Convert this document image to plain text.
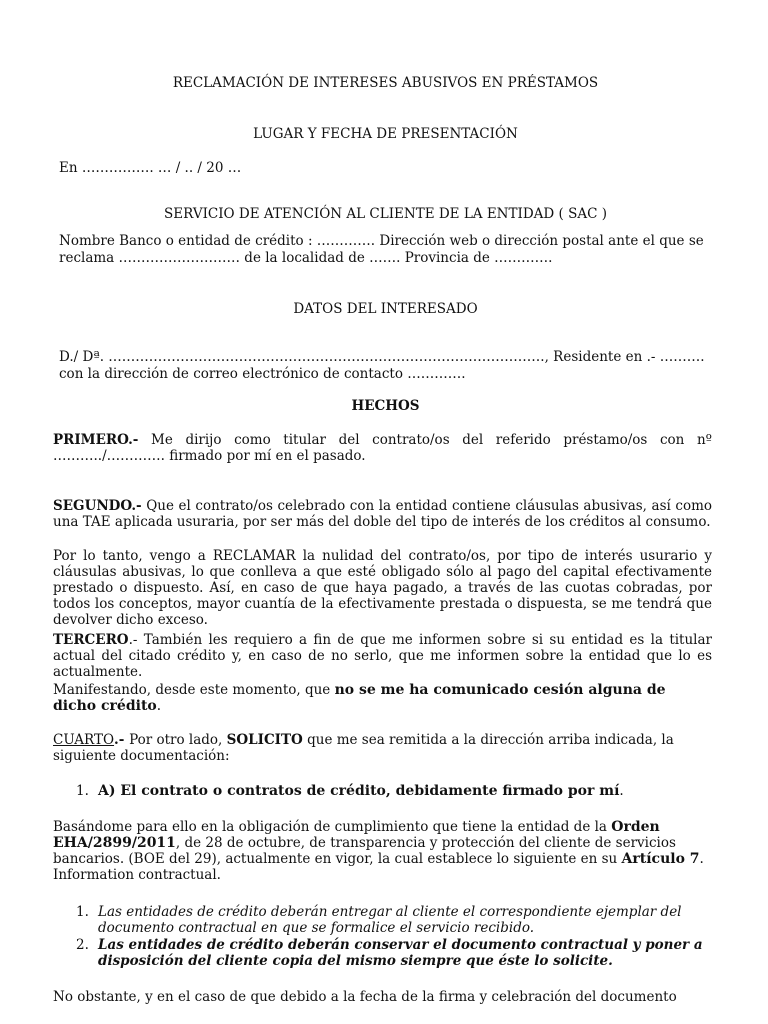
RECLAMACIÓN DE INTERESES ABUSIVOS EN PRÉSTAMOS

LUGAR Y FECHA DE PRESENTACIÓN

En ……………. … / .. / 20 …

SERVICIO DE ATENCIÓN AL CLIENTE DE LA ENTIDAD ( SAC )

Nombre Banco o entidad de crédito : …………. Dirección web o dirección postal ante el que se

reclama ……………………… de la localidad de ……. Provincia de ………….

DATOS DEL INTERESADO

D./ Dª. ……………………………………………………………………………………., Residente en .- ……….

con la dirección de correo electrónico de contacto ………….

HECHOS

PRIMERO.- Me dirijo como titular del contrato/os del referido préstamo/os con nº ………../…………. firmado por mí en el pasado.

SEGUNDO.- Que el contrato/os celebrado con la entidad contiene cláusulas abusivas, así como una TAE aplicada usuraria, por ser más del doble del tipo de interés de los créditos al consumo.

Por lo tanto, vengo a RECLAMAR la nulidad del contrato/os, por tipo de interés usurario y cláusulas abusivas, lo que conlleva a que esté obligado sólo al pago del capital efectivamente prestado o dispuesto. Así, en caso de que haya pagado, a través de las cuotas cobradas, por todos los conceptos, mayor cuantía de la efectivamente prestada o dispuesta, se me tendrá que devolver dicho exceso.

TERCERO.- También les requiero a fin de que me informen sobre si su entidad es la titular actual del citado crédito y, en caso de no serlo, que me informen sobre la entidad que lo es actualmente.

Manifestando, desde este momento, que no se me ha comunicado cesión alguna de dicho crédito.

CUARTO.- Por otro lado, SOLICITO que me sea remitida a la dirección arriba indicada, la siguiente documentación:

1. A) El contrato o contratos de crédito, debidamente firmado por mí.

Basándome para ello en la obligación de cumplimiento que tiene la entidad de la Orden EHA/2899/2011, de 28 de octubre, de transparencia y protección del cliente de servicios bancarios. (BOE del 29), actualmente en vigor, la cual establece lo siguiente en su Artículo 7. Information contractual.

1. Las entidades de crédito deberán entregar al cliente el correspondiente ejemplar del documento contractual en que se formalice el servicio recibido.
2. Las entidades de crédito deberán conservar el documento contractual y poner a disposición del cliente copia del mismo siempre que éste lo solicite.

No obstante, y en el caso de que debido a la fecha de la firma y celebración del documento
